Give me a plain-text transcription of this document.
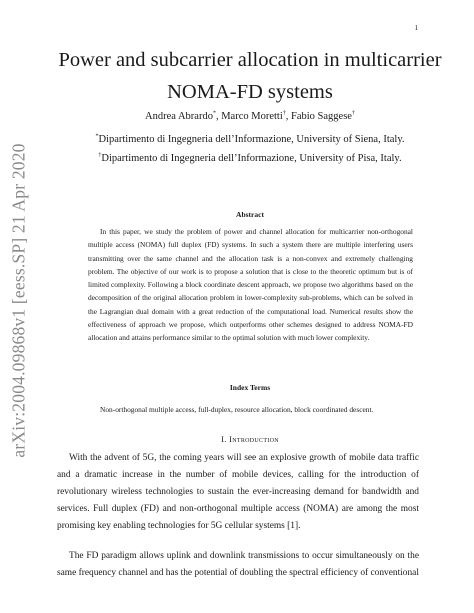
1
arXiv:2004.09868v1 [eess.SP] 21 Apr 2020
Power and subcarrier allocation in multicarrier NOMA-FD systems
Andrea Abrardo*, Marco Moretti†, Fabio Saggese†
*Dipartimento di Ingegneria dell’Informazione, University of Siena, Italy.
†Dipartimento di Ingegneria dell’Informazione, University of Pisa, Italy.
Abstract

In this paper, we study the problem of power and channel allocation for multicarrier non-orthogonal multiple access (NOMA) full duplex (FD) systems. In such a system there are multiple interfering users transmitting over the same channel and the allocation task is a non-convex and extremely challenging problem. The objective of our work is to propose a solution that is close to the theoretic optimum but is of limited complexity. Following a block coordinate descent approach, we propose two algorithms based on the decomposition of the original allocation problem in lower-complexity sub-problems, which can be solved in the Lagrangian dual domain with a great reduction of the computational load. Numerical results show the effectiveness of approach we propose, which outperforms other schemes designed to address NOMA-FD allocation and attains performance similar to the optimal solution with much lower complexity.

Index Terms

Non-orthogonal multiple access, full-duplex, resource allocation, block coordinated descent.

I. Introduction

With the advent of 5G, the coming years will see an explosive growth of mobile data traffic and a dramatic increase in the number of mobile devices, calling for the introduction of revolutionary wireless technologies to sustain the ever-increasing demand for bandwidth and services. Full duplex (FD) and non-orthogonal multiple access (NOMA) are among the most promising key enabling technologies for 5G cellular systems [1].

The FD paradigm allows uplink and downlink transmissions to occur simultaneously on the same frequency channel and has the potential of doubling the spectral efficiency of conventional
